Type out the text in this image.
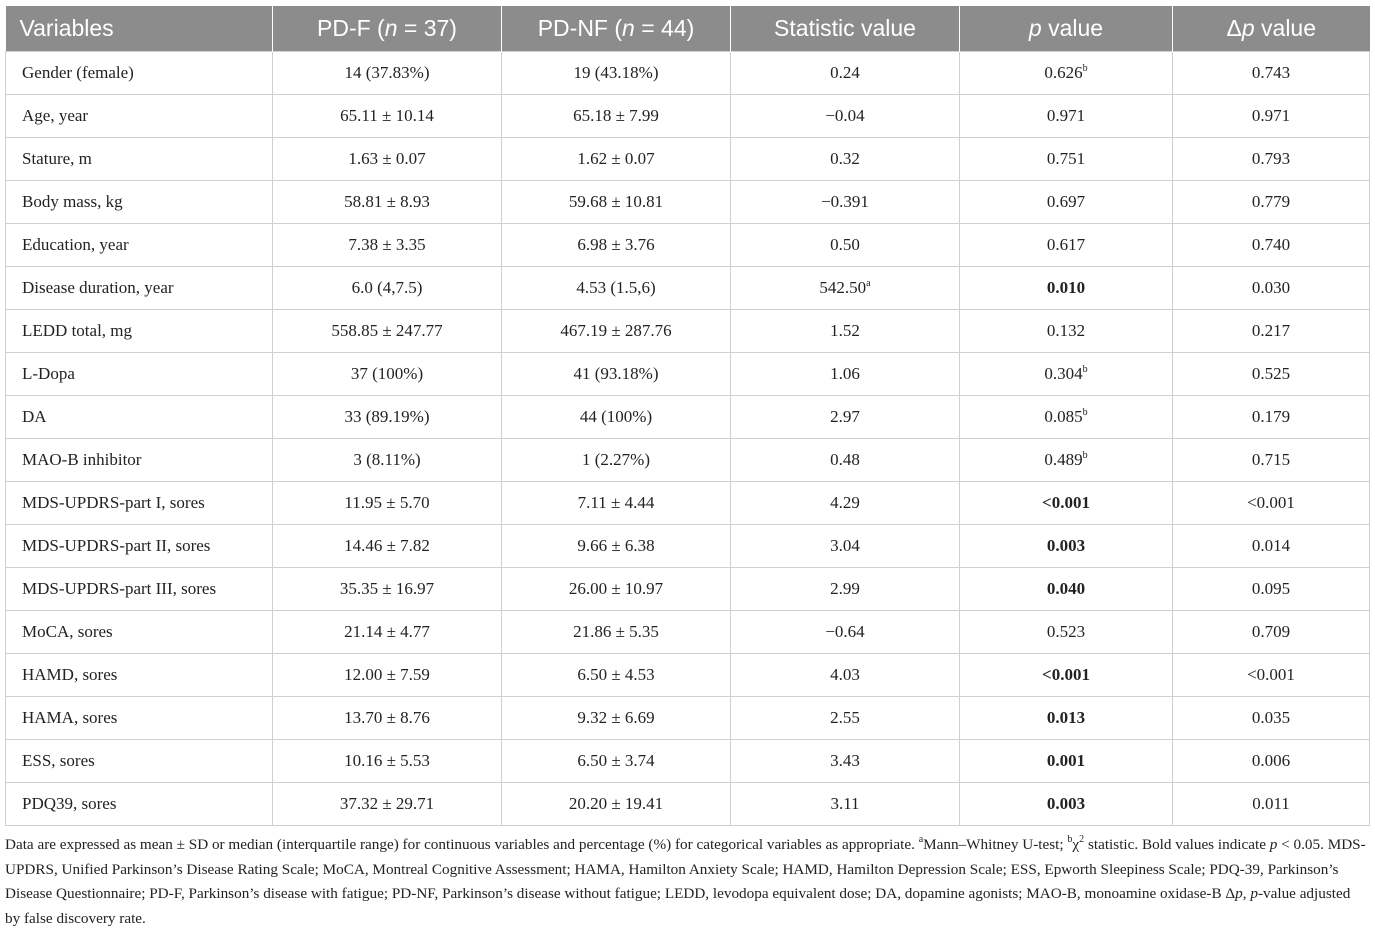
Variables	PD-F (n = 37)	PD-NF (n = 44)	Statistic value	p value	Δp value
Gender (female)	14 (37.83%)	19 (43.18%)	0.24	0.626$^b$	0.743
Age, year	65.11 ± 10.14	65.18 ± 7.99	−0.04	0.971	0.971
Stature, m	1.63 ± 0.07	1.62 ± 0.07	0.32	0.751	0.793
Body mass, kg	58.81 ± 8.93	59.68 ± 10.81	−0.391	0.697	0.779
Education, year	7.38 ± 3.35	6.98 ± 3.76	0.50	0.617	0.740
Disease duration, year	6.0 (4,7.5)	4.53 (1.5,6)	542.50$^a$	0.010	0.030
LEDD total, mg	558.85 ± 247.77	467.19 ± 287.76	1.52	0.132	0.217
L-Dopa	37 (100%)	41 (93.18%)	1.06	0.304$^b$	0.525
DA	33 (89.19%)	44 (100%)	2.97	0.085$^b$	0.179
MAO-B inhibitor	3 (8.11%)	1 (2.27%)	0.48	0.489$^b$	0.715
MDS-UPDRS-part I, sores	11.95 ± 5.70	7.11 ± 4.44	4.29	<0.001	<0.001
MDS-UPDRS-part II, sores	14.46 ± 7.82	9.66 ± 6.38	3.04	0.003	0.014
MDS-UPDRS-part III, sores	35.35 ± 16.97	26.00 ± 10.97	2.99	0.040	0.095
MoCA, sores	21.14 ± 4.77	21.86 ± 5.35	−0.64	0.523	0.709
HAMD, sores	12.00 ± 7.59	6.50 ± 4.53	4.03	<0.001	<0.001
HAMA, sores	13.70 ± 8.76	9.32 ± 6.69	2.55	0.013	0.035
ESS, sores	10.16 ± 5.53	6.50 ± 3.74	3.43	0.001	0.006
PDQ39, sores	37.32 ± 29.71	20.20 ± 19.41	3.11	0.003	0.011
Data are expressed as mean ± SD or median (interquartile range) for continuous variables and percentage (%) for categorical variables as appropriate. $^a$Mann–Whitney U-test; $^b\chi^2$ statistic. Bold values indicate p < 0.05. MDS-UPDRS, Unified Parkinson’s Disease Rating Scale; MoCA, Montreal Cognitive Assessment; HAMA, Hamilton Anxiety Scale; HAMD, Hamilton Depression Scale; ESS, Epworth Sleepiness Scale; PDQ-39, Parkinson’s Disease Questionnaire; PD-F, Parkinson’s disease with fatigue; PD-NF, Parkinson’s disease without fatigue; LEDD, levodopa equivalent dose; DA, dopamine agonists; MAO-B, monoamine oxidase-B Δp, p-value adjusted by false discovery rate.
